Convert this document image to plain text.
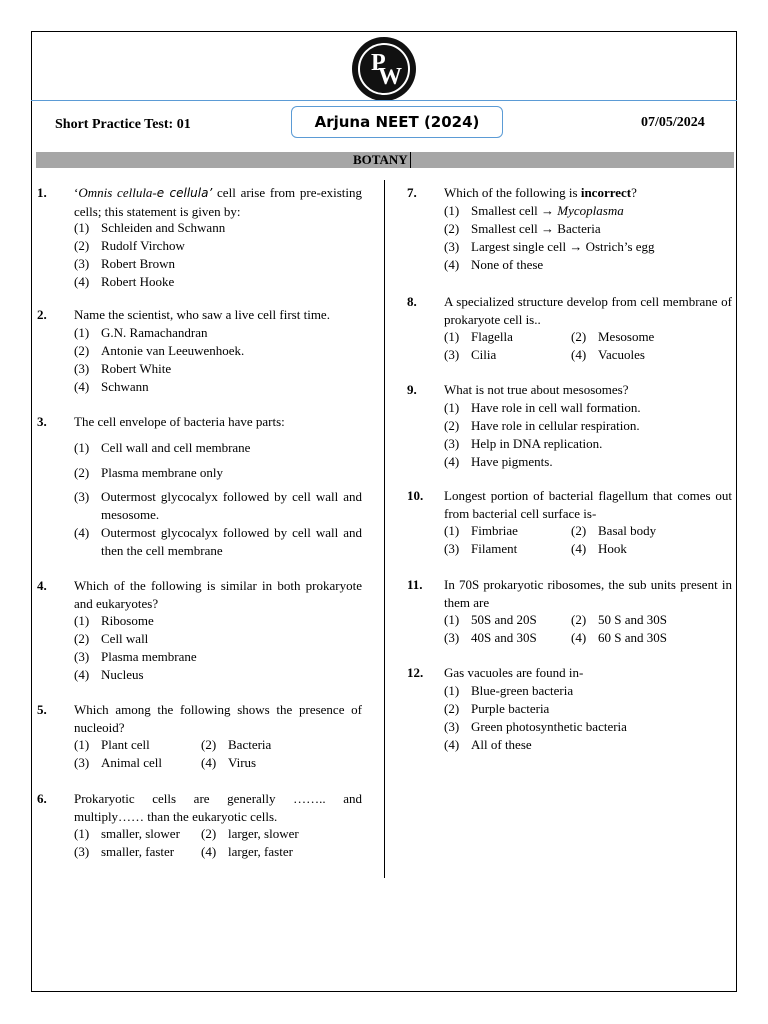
P
W
Short Practice Test: 01	Arjuna NEET (2024)	07/05/2024
BOTANY
1. ‘Omnis cellula-e cellula’ cell arise from pre-existing cells; this statement is given by:
(1) Schleiden and Schwann
(2) Rudolf Virchow
(3) Robert Brown
(4) Robert Hooke
2. Name the scientist, who saw a live cell first time.
(1) G.N. Ramachandran
(2) Antonie van Leeuwenhoek.
(3) Robert White
(4) Schwann
3. The cell envelope of bacteria have parts:
(1) Cell wall and cell membrane
(2) Plasma membrane only
(3) Outermost glycocalyx followed by cell wall and mesosome.
(4) Outermost glycocalyx followed by cell wall and then the cell membrane
4. Which of the following is similar in both prokaryote and eukaryotes?
(1) Ribosome
(2) Cell wall
(3) Plasma membrane
(4) Nucleus
5. Which among the following shows the presence of nucleoid?
(1) Plant cell	(2) Bacteria
(3) Animal cell	(4) Virus
6. Prokaryotic cells are generally …….. and multiply…… than the eukaryotic cells.
(1) smaller, slower (2) larger, slower
(3) smaller, faster (4) larger, faster
7. Which of the following is incorrect?
(1) Smallest cell → Mycoplasma
(2) Smallest cell → Bacteria
(3) Largest single cell → Ostrich’s egg
(4) None of these
8. A specialized structure develop from cell membrane of prokaryote cell is..
(1) Flagella	(2) Mesosome
(3) Cilia	(4) Vacuoles
9. What is not true about mesosomes?
(1) Have role in cell wall formation.
(2) Have role in cellular respiration.
(3) Help in DNA replication.
(4) Have pigments.
10. Longest portion of bacterial flagellum that comes out from bacterial cell surface is-
(1) Fimbriae	(2) Basal body
(3) Filament	(4) Hook
11. In 70S prokaryotic ribosomes, the sub units present in them are
(1) 50S and 20S	(2) 50 S and 30S
(3) 40S and 30S	(4) 60 S and 30S
12. Gas vacuoles are found in-
(1) Blue-green bacteria
(2) Purple bacteria
(3) Green photosynthetic bacteria
(4) All of these
